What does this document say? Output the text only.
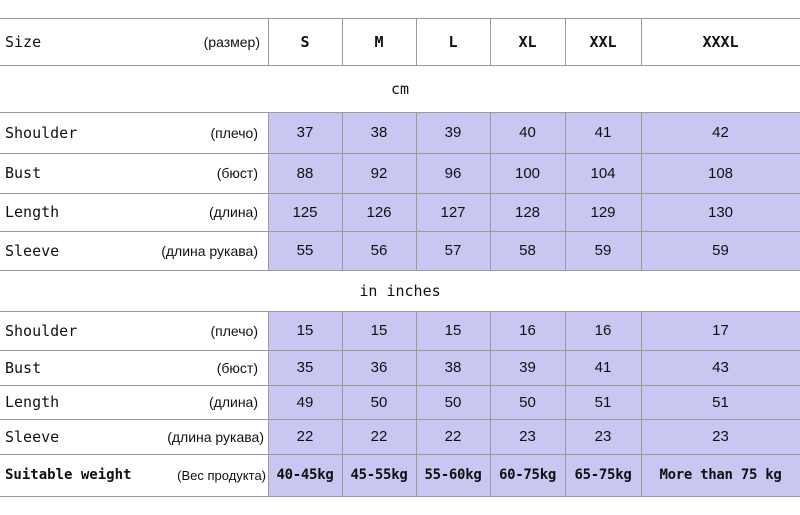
Size	(размер)	S	M	L	XL	XXL	XXXL
cm
Shoulder	(плечо)	37	38	39	40	41	42
Bust	(бюст)	88	92	96	100	104	108
Length	(длина)	125	126	127	128	129	130
Sleeve	(длина рукава)	55	56	57	58	59	59
in inches
Shoulder	(плечо)	15	15	15	16	16	17
Bust	(бюст)	35	36	38	39	41	43
Length	(длина)	49	50	50	50	51	51
Sleeve	(длина рукава)	22	22	22	23	23	23
Suitable weight	(Вес продукта) 40-45kg	45-55kg	55-60kg	60-75kg	65-75kg	More than 75 kg
